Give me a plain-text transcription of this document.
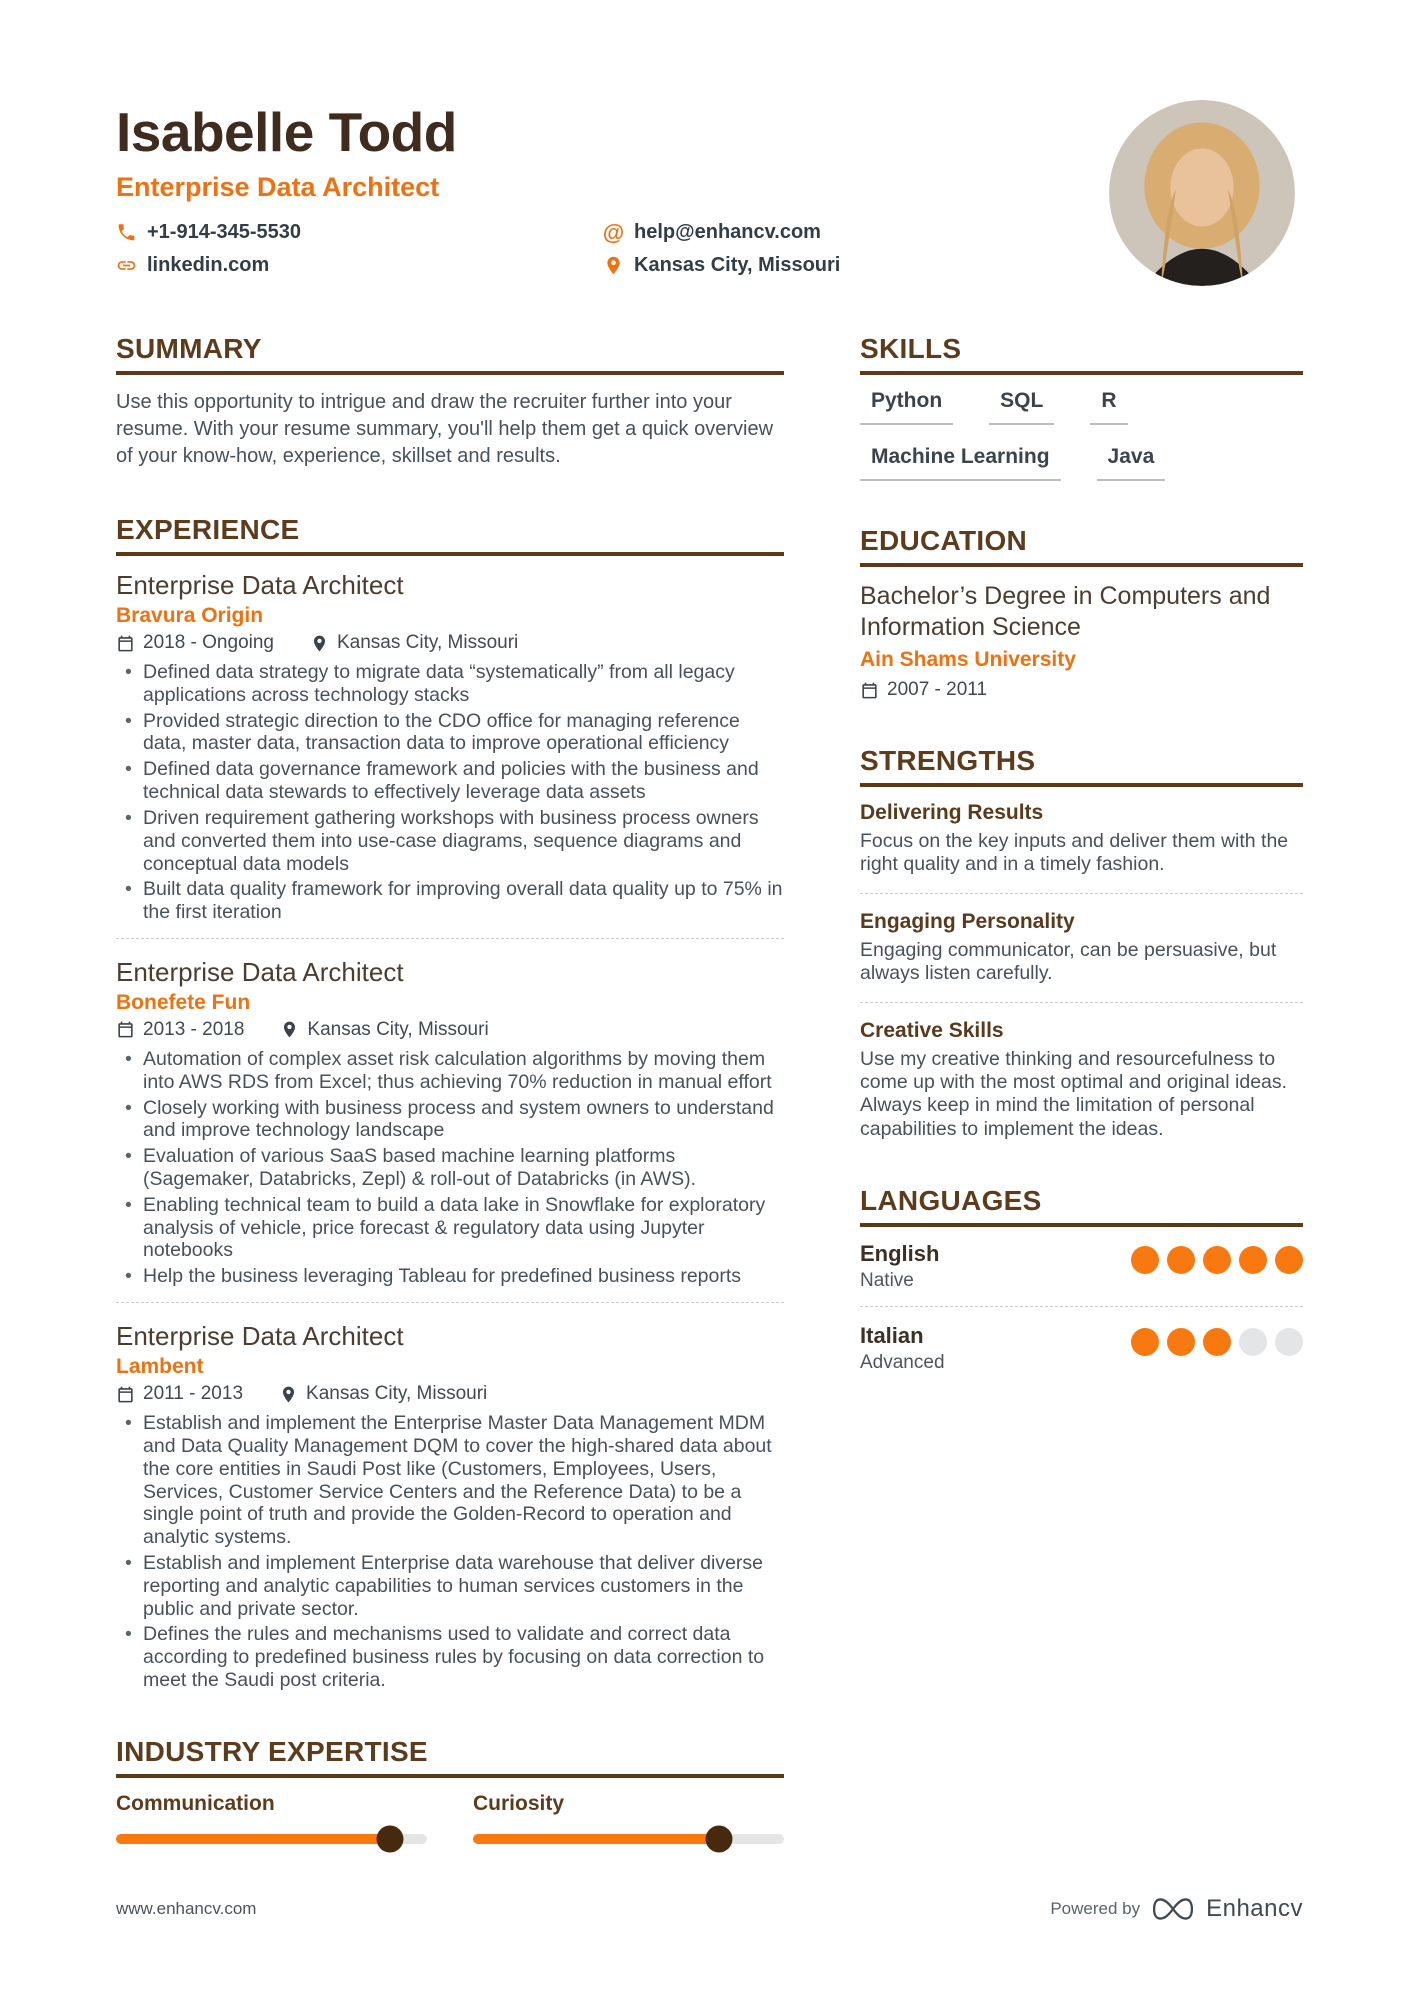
Isabelle Todd
Enterprise Data Architect
+1-914-345-5530	@ help@enhancv.com
linkedin.com	Kansas City, Missouri
SUMMARY

Use this opportunity to intrigue and draw the recruiter further into your resume. With your resume summary, you'll help them get a quick overview of your know-how, experience, skillset and results.

EXPERIENCE
Enterprise Data Architect
Bravura Origin
2018 - Ongoing	Kansas City, Missouri
• Defined data strategy to migrate data “systematically” from all legacy applications across technology stacks
• Provided strategic direction to the CDO office for managing reference data, master data, transaction data to improve operational efficiency
• Defined data governance framework and policies with the business and technical data stewards to effectively leverage data assets
• Driven requirement gathering workshops with business process owners and converted them into use-case diagrams, sequence diagrams and conceptual data models
• Built data quality framework for improving overall data quality up to 75% in the first iteration
Enterprise Data Architect
Bonefete Fun
2013 - 2018	Kansas City, Missouri
• Automation of complex asset risk calculation algorithms by moving them into AWS RDS from Excel; thus achieving 70% reduction in manual effort
• Closely working with business process and system owners to understand and improve technology landscape
• Evaluation of various SaaS based machine learning platforms (Sagemaker, Databricks, Zepl) & roll-out of Databricks (in AWS).
• Enabling technical team to build a data lake in Snowflake for exploratory analysis of vehicle, price forecast & regulatory data using Jupyter notebooks
• Help the business leveraging Tableau for predefined business reports
Enterprise Data Architect
Lambent
2011 - 2013	Kansas City, Missouri
• Establish and implement the Enterprise Master Data Management MDM and Data Quality Management DQM to cover the high-shared data about the core entities in Saudi Post like (Customers, Employees, Users, Services, Customer Service Centers and the Reference Data) to be a single point of truth and provide the Golden-Record to operation and analytic systems.
• Establish and implement Enterprise data warehouse that deliver diverse reporting and analytic capabilities to human services customers in the public and private sector.
• Defines the rules and mechanisms used to validate and correct data according to predefined business rules by focusing on data correction to meet the Saudi post criteria.
INDUSTRY EXPERTISE
Communication	Curiosity
SKILLS
Python	SQL	R
Machine Learning	Java
EDUCATION
Bachelor’s Degree in Computers and Information Science
Ain Shams University
2007 - 2011
STRENGTHS
Delivering Results
Focus on the key inputs and deliver them with the right quality and in a timely fashion.
Engaging Personality
Engaging communicator, can be persuasive, but always listen carefully.
Creative Skills
Use my creative thinking and resourcefulness to come up with the most optimal and original ideas. Always keep in mind the limitation of personal capabilities to implement the ideas.
LANGUAGES
English
Native
Italian
Advanced
www.enhancv.com	Powered by	Enhancv
